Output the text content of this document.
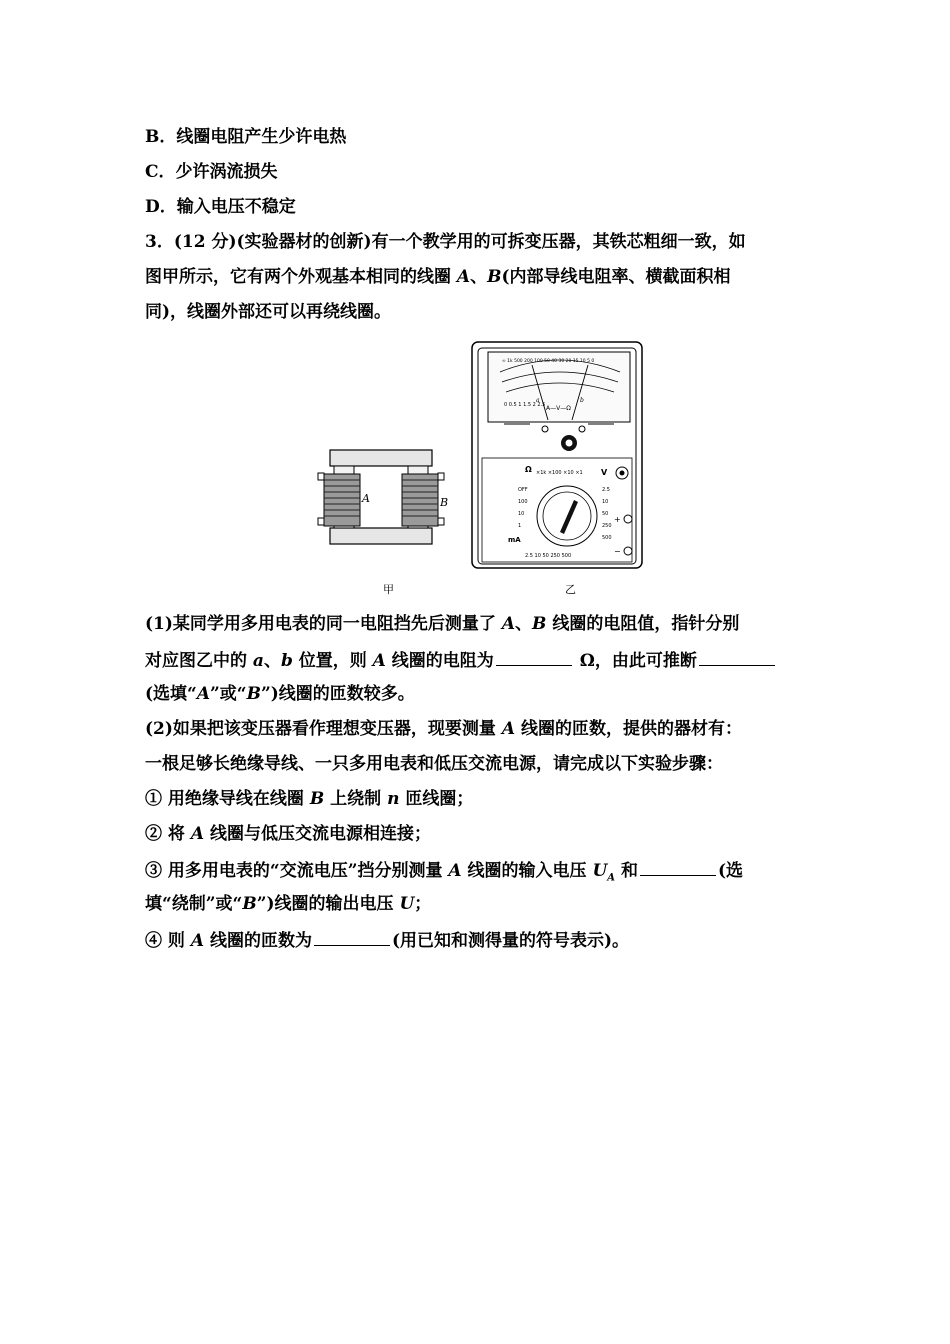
B．线圈电阻产生少许电热
C．少许涡流损失
D．输入电压不稳定
3．(12 分)(实验器材的创新)有一个教学用的可拆变压器，其铁芯粗细一致，如
图甲所示，它有两个外观基本相同的线圈 A、B(内部导线电阻率、横截面积相
同)，线圈外部还可以再绕线圈。
A	B
甲
∞ 1k 500 200 100 50 40 30 20 15 10 5 0
0 0.5 1 1.5 2 2.5
a	b
A—V—Ω
Ω ×1k ×100 ×10 ×1 V
OFF
100
10
1
2.5
10
50
250
500
2.5 10 50 250 500
mA
+
−
乙
(1)某同学用多用电表的同一电阻挡先后测量了 A、B 线圈的电阻值，指针分别
对应图乙中的 a、b 位置，则 A 线圈的电阻为	Ω，由此可推断
(选填“A”或“B”)线圈的匝数较多。
(2)如果把该变压器看作理想变压器，现要测量 A 线圈的匝数，提供的器材有：
一根足够长绝缘导线、一只多用电表和低压交流电源，请完成以下实验步骤：
① 用绝缘导线在线圈 B 上绕制 n 匝线圈；
② 将 A 线圈与低压交流电源相连接；
③ 用多用电表的“交流电压”挡分别测量 A 线圈的输入电压 $U_A$ 和	(选
填“绕制”或“B”)线圈的输出电压 U；
④ 则 A 线圈的匝数为	(用已知和测得量的符号表示)。
